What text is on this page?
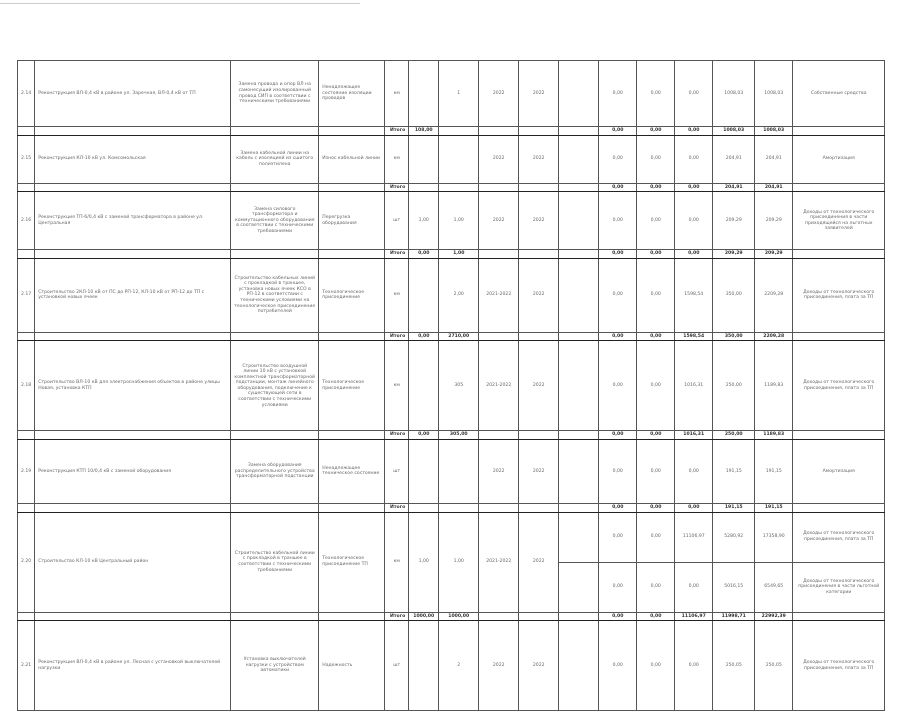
2.14	Реконструкция ВЛ-0,4 кВ в районе ул. Заречная, ВЛ-0,4 кВ от ТП	Замена провода и опор ВЛ на самонесущий изолированный провод СИП в соответствии с техническими требованиями	Ненадлежащее состояние изоляции проводов	км		1	2022	2022		0,00	0,00	0,00	1008,03	1008,03	Собственные средства
				Итого	108,00					0,00	0,00	0,00	1008,03	1008,03	
2.15	Реконструкция КЛ-10 кВ ул. Комсомольская	Замена кабельной линии на кабель с изоляцией из сшитого полиэтилена	Износ кабельной линии	км			2022	2022		0,00	0,00	0,00	204,91	204,91	Амортизация
				Итого						0,00	0,00	0,00	204,91	204,91	
2.16	Реконструкция ТП-6/0,4 кВ с заменой трансформатора в районе ул. Центральная	Замена силового трансформатора и коммутационного оборудования в соответствии с техническими требованиями	Перегрузка оборудования	шт	1,00	1,00	2022	2022		0,00	0,00	0,00	209,29	209,29	Доходы от технологического присоединения в части приходящейся на льготных заявителей
				Итого	0,00	1,00				0,00	0,00	0,00	209,29	209,29	
2.17	Строительство 2КЛ-10 кВ от ПС до РП-12, КЛ-10 кВ от РП-12 до ТП с установкой новых ячеек	Строительство кабельных линий с прокладкой в траншее, установка новых ячеек КСО в РП-12 в соответствии с техническими условиями на технологическое присоединение потребителей	Технологическое присоединение	км		2,00	2021-2022	2022		0,00	0,00	1598,54	350,00	2209,28	Доходы от технологического присоединения, плата за ТП
				Итого	0,00	2710,00				0,00	0,00	1598,54	350,00	2209,28	
2.18	Строительство ВЛ-10 кВ для электроснабжения объектов в районе улицы Новая, установка КТП	Строительство воздушной линии 10 кВ с установкой комплектной трансформаторной подстанции, монтаж линейного оборудования, подключение к существующей сети в соответствии с техническими условиями	Технологическое присоединение	км		305	2021-2022	2022		0,00	0,00	1016,31	250,00	1189,83	Доходы от технологического присоединения, плата за ТП
				Итого	0,00	305,00				0,00	0,00	1016,31	250,00	1189,83	
2.19	Реконструкция КТП 10/0,4 кВ с заменой оборудования	Замена оборудования распределительного устройства трансформаторной подстанции	Ненадлежащее техническое состояние	шт			2022	2022		0,00	0,00	0,00	191,15	191,15	Амортизация
				Итого						0,00	0,00	0,00	191,15	191,15	
2.20	Строительство КЛ-10 кВ Центральный район	Строительство кабельной линии с прокладкой в траншее в соответствии с техническими требованиями	Технологическое присоединение ТП	км	1,00	1,00	2021-2022	2022		0,00	0,00	11106,97	5280,92	17358,90	Доходы от технологического присоединения, плата за ТП
										0,00	0,00	0,00	5016,15	6549,65	Доходы от технологического присоединения в части льготной категории
				Итого	1000,00	1000,00				0,00	0,00	11106,97	11998,71	22992,39	
2.21	Реконструкция ВЛ-0,4 кВ в районе ул. Лесная с установкой выключателей нагрузки	Установка выключателей нагрузки с устройством автоматики	Надежность	шт		2	2022	2022		0,00	0,00	0,00	250,05	250,05	Доходы от технологического присоединения, плата за ТП
